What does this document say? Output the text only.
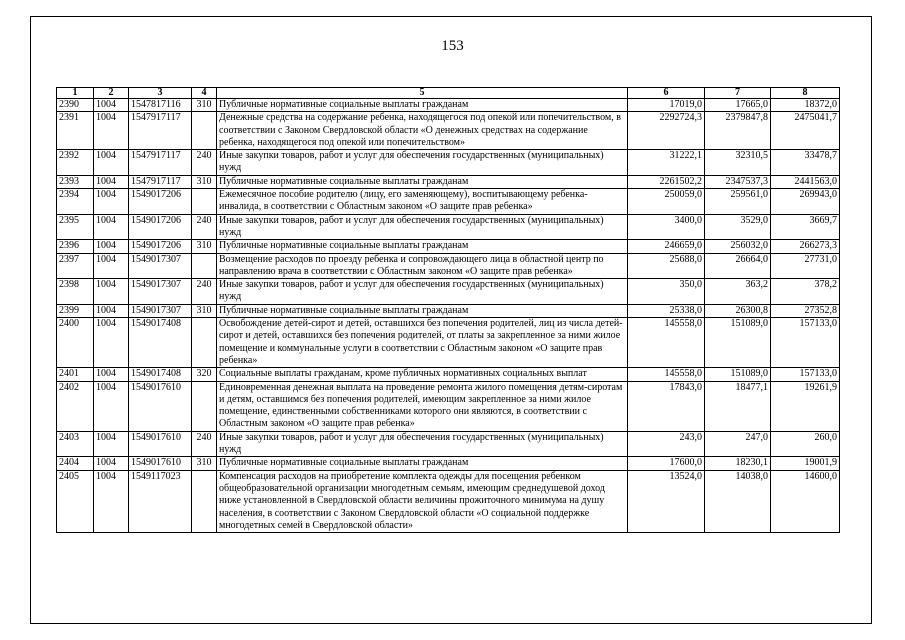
153
1	2	3	4	5	6	7	8
2390	1004	1547817116	310	Публичные нормативные социальные выплаты гражданам	17019,0	17665,0	18372,0
2391	1004	1547917117		Денежные средства на содержание ребенка, находящегося под опекой или попечительством, в соответствии с Законом Свердловской области «О денежных средствах на содержание ребенка, находящегося под опекой или попечительством»	2292724,3	2379847,8	2475041,7
2392	1004	1547917117	240	Иные закупки товаров, работ и услуг для обеспечения государственных (муниципальных) нужд	31222,1	32310,5	33478,7
2393	1004	1547917117	310	Публичные нормативные социальные выплаты гражданам	2261502,2	2347537,3	2441563,0
2394	1004	1549017206		Ежемесячное пособие родителю (лицу, его заменяющему), воспитывающему ребенка-инвалида, в соответствии с Областным законом «О защите прав ребенка»	250059,0	259561,0	269943,0
2395	1004	1549017206	240	Иные закупки товаров, работ и услуг для обеспечения государственных (муниципальных) нужд	3400,0	3529,0	3669,7
2396	1004	1549017206	310	Публичные нормативные социальные выплаты гражданам	246659,0	256032,0	266273,3
2397	1004	1549017307		Возмещение расходов по проезду ребенка и сопровождающего лица в областной центр по направлению врача в соответствии с Областным законом «О защите прав ребенка»	25688,0	26664,0	27731,0
2398	1004	1549017307	240	Иные закупки товаров, работ и услуг для обеспечения государственных (муниципальных) нужд	350,0	363,2	378,2
2399	1004	1549017307	310	Публичные нормативные социальные выплаты гражданам	25338,0	26300,8	27352,8
2400	1004	1549017408		Освобождение детей-сирот и детей, оставшихся без попечения родителей, лиц из числа детей-сирот и детей, оставшихся без попечения родителей, от платы за закрепленное за ними жилое помещение и коммунальные услуги в соответствии с Областным законом «О защите прав ребенка»	145558,0	151089,0	157133,0
2401	1004	1549017408	320	Социальные выплаты гражданам, кроме публичных нормативных социальных выплат	145558,0	151089,0	157133,0
2402	1004	1549017610		Единовременная денежная выплата на проведение ремонта жилого помещения детям-сиротам и детям, оставшимся без попечения родителей, имеющим закрепленное за ними жилое помещение, единственными собственниками которого они являются, в соответствии с Областным законом «О защите прав ребенка»	17843,0	18477,1	19261,9
2403	1004	1549017610	240	Иные закупки товаров, работ и услуг для обеспечения государственных (муниципальных) нужд	243,0	247,0	260,0
2404	1004	1549017610	310	Публичные нормативные социальные выплаты гражданам	17600,0	18230,1	19001,9
2405	1004	1549117023		Компенсация расходов на приобретение комплекта одежды для посещения ребенком общеобразовательной организации многодетным семьям, имеющим среднедушевой доход ниже установленной в Свердловской области величины прожиточного минимума на душу населения, в соответствии с Законом Свердловской области «О социальной поддержке многодетных семей в Свердловской области»	13524,0	14038,0	14600,0
